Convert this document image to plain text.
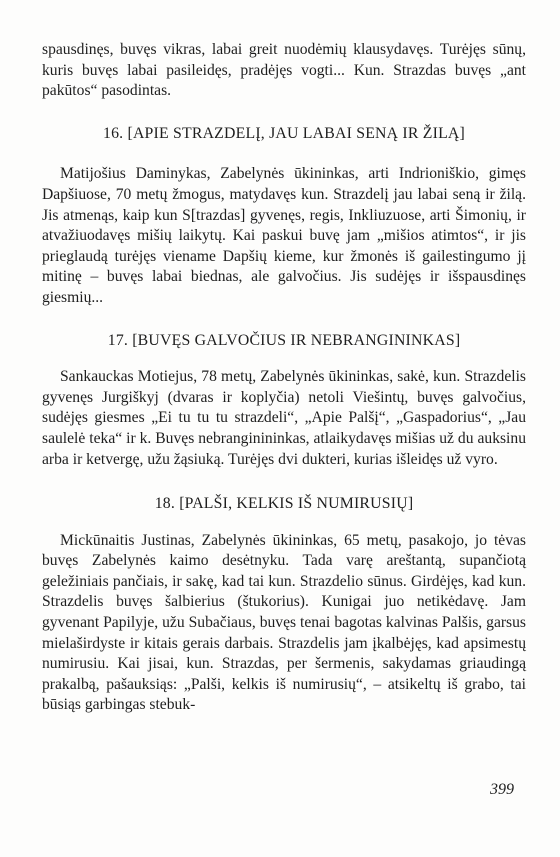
spausdinęs, buvęs vikras, labai greit nuodėmių klausydavęs. Turėjęs sūnų, kuris buvęs labai pasileidęs, pradėjęs vogti... Kun. Strazdas buvęs „ant pakūtos“ pasodintas.

16. [APIE STRAZDELĮ, JAU LABAI SENĄ IR ŽILĄ]

Matijošius Daminykas, Zabelynės ūkininkas, arti Indrioniškio, gimęs Dapšiuose, 70 metų žmogus, matydavęs kun. Strazdelį jau labai seną ir žilą. Jis atmenąs, kaip kun S[trazdas] gyvenęs, regis, Inkliuzuose, arti Šimonių, ir atvažiuodavęs mišių laikytų. Kai paskui buvę jam „mišios atimtos“, ir jis prieglaudą turėjęs viename Dapšių kieme, kur žmonės iš gailestingumo jį mitinę – buvęs labai biednas, ale galvočius. Jis sudėjęs ir išspausdinęs giesmių...

17. [BUVĘS GALVOČIUS IR NEBRANGININKAS]

Sankauckas Motiejus, 78 metų, Zabelynės ūkininkas, sakė, kun. Strazdelis gyvenęs Jurgiškyj (dvaras ir koplyčia) netoli Viešintų, buvęs galvočius, sudėjęs giesmes „Ei tu tu tu strazdeli“, „Apie Palšį“, „Gaspadorius“, „Jau saulelė teka“ ir k. Buvęs nebranginininkas, atlaikydavęs mišias už du auksinu arba ir ketvergę, užu žąsiuką. Turėjęs dvi dukteri, kurias išleidęs už vyro.

18. [PALŠI, KELKIS IŠ NUMIRUSIŲ]

Mickūnaitis Justinas, Zabelynės ūkininkas, 65 metų, pasakojo, jo tėvas buvęs Zabelynės kaimo desėtnyku. Tada varę areštantą, supančiotą geležiniais pančiais, ir sakę, kad tai kun. Strazdelio sūnus. Girdėjęs, kad kun. Strazdelis buvęs šalbierius (štukorius). Kunigai juo netikėdavę. Jam gyvenant Papilyje, užu Subačiaus, buvęs tenai bagotas kalvinas Palšis, garsus mielaširdyste ir kitais gerais darbais. Strazdelis jam įkalbėjęs, kad apsimestų numirusiu. Kai jisai, kun. Strazdas, per šermenis, sakydamas griaudingą prakalbą, pašauksiąs: „Palši, kelkis iš numirusių“, – atsikeltų iš grabo, tai būsiąs garbingas stebuk-

399
